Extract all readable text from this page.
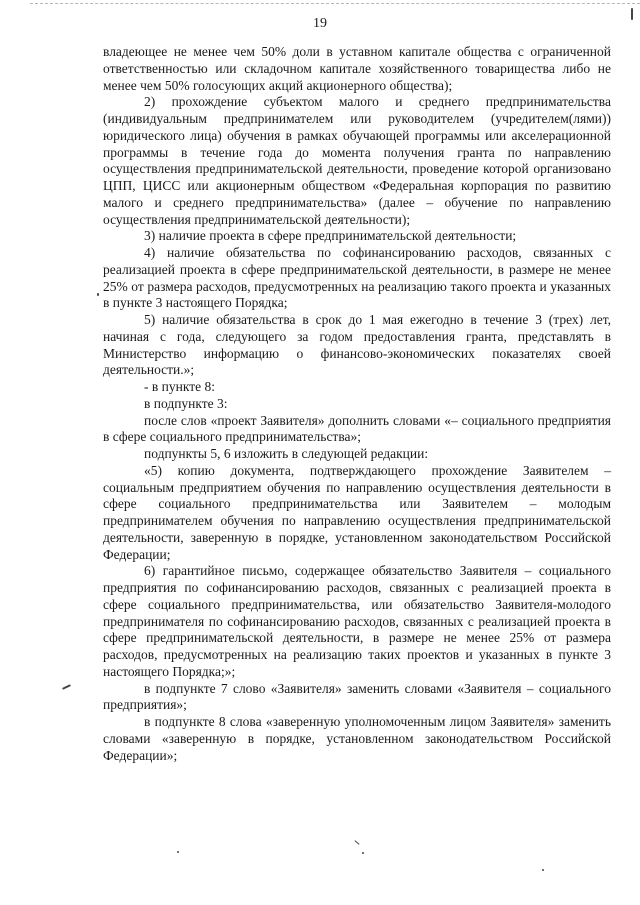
19

владеющее не менее чем 50% доли в уставном капитале общества с ограниченной ответственностью или складочном капитале хозяйственного товарищества либо не менее чем 50% голосующих акций акционерного общества);

2) прохождение субъектом малого и среднего предпринимательства (индивидуальным предпринимателем или руководителем (учредителем(лями)) юридического лица) обучения в рамках обучающей программы или акселерационной программы в течение года до момента получения гранта по направлению осуществления предпринимательской деятельности, проведение которой организовано ЦПП, ЦИСС или акционерным обществом «Федеральная корпорация по развитию малого и среднего предпринимательства» (далее – обучение по направлению осуществления предпринимательской деятельности);

3) наличие проекта в сфере предпринимательской деятельности;

4) наличие обязательства по софинансированию расходов, связанных с реализацией проекта в сфере предпринимательской деятельности, в размере не менее 25% от размера расходов, предусмотренных на реализацию такого проекта и указанных в пункте 3 настоящего Порядка;

5) наличие обязательства в срок до 1 мая ежегодно в течение 3 (трех) лет, начиная с года, следующего за годом предоставления гранта, представлять в Министерство информацию о финансово-экономических показателях своей деятельности.»;

- в пункте 8:

в подпункте 3:

после слов «проект Заявителя» дополнить словами «– социального предприятия в сфере социального предпринимательства»;

подпункты 5, 6 изложить в следующей редакции:

«5) копию документа, подтверждающего прохождение Заявителем – социальным предприятием обучения по направлению осуществления деятельности в сфере социального предпринимательства или Заявителем – молодым предпринимателем обучения по направлению осуществления предпринимательской деятельности, заверенную в порядке, установленном законодательством Российской Федерации;

6) гарантийное письмо, содержащее обязательство Заявителя – социального предприятия по софинансированию расходов, связанных с реализацией проекта в сфере социального предпринимательства, или обязательство Заявителя-молодого предпринимателя по софинансированию расходов, связанных с реализацией проекта в сфере предпринимательской деятельности, в размере не менее 25% от размера расходов, предусмотренных на реализацию таких проектов и указанных в пункте 3 настоящего Порядка;»;

в подпункте 7 слово «Заявителя» заменить словами «Заявителя – социального предприятия»;

в подпункте 8 слова «заверенную уполномоченным лицом Заявителя» заменить словами «заверенную в порядке, установленном законодательством Российской Федерации»;
